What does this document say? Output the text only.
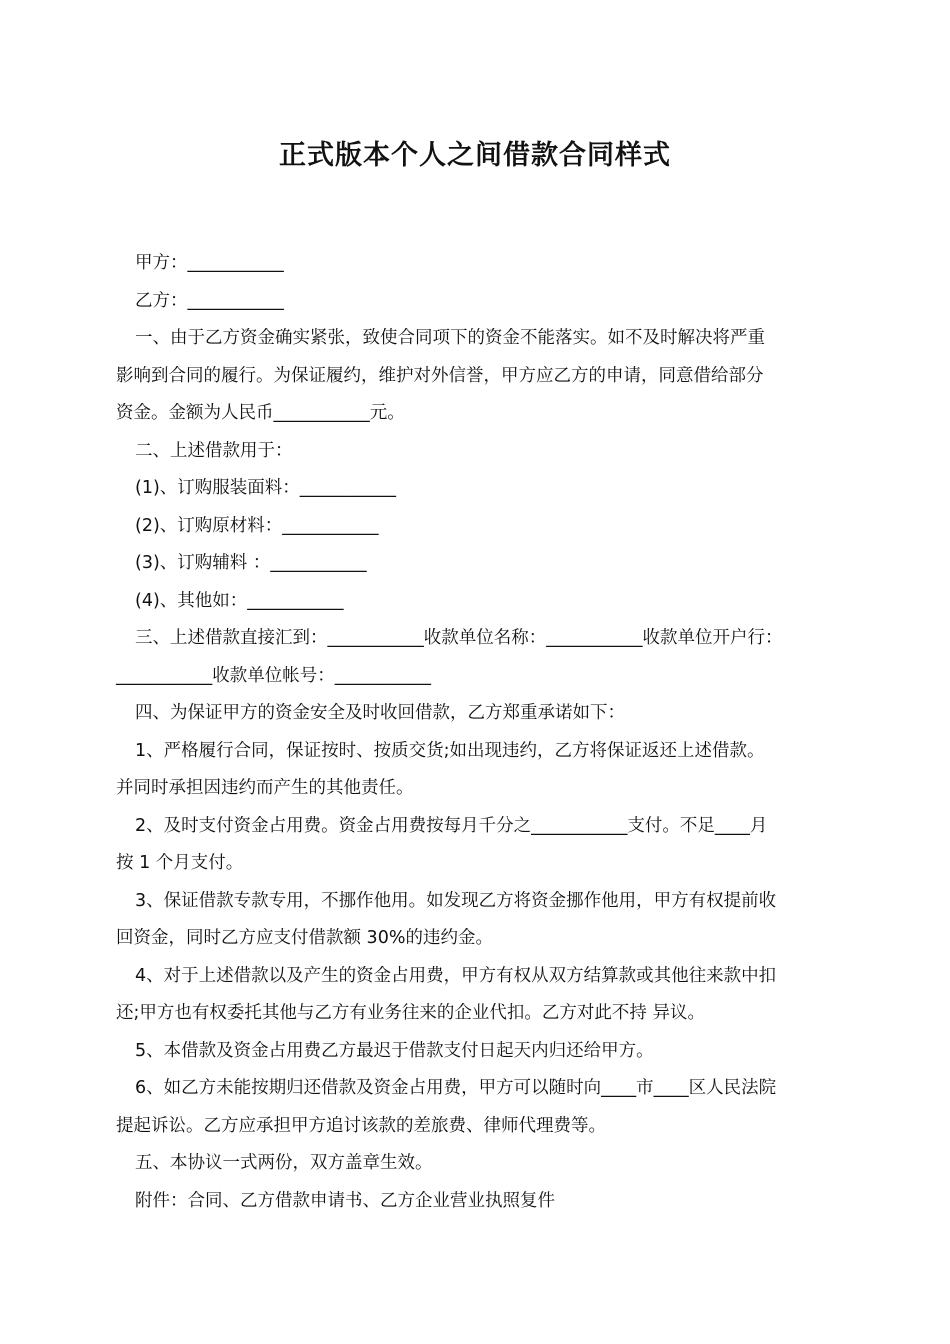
正式版本个人之间借款合同样式
甲方：___________
乙方：___________
一、由于乙方资金确实紧张，致使合同项下的资金不能落实。如不及时解决将严重
影响到合同的履行。为保证履约，维护对外信誉，甲方应乙方的申请，同意借给部分
资金。金额为人民币___________元。
二、上述借款用于：
(1)、订购服装面料：___________
(2)、订购原材料：___________
(3)、订购辅料 ：___________
(4)、其他如：___________
三、上述借款直接汇到：___________收款单位名称：___________收款单位开户行：
___________收款单位帐号：___________
四、为保证甲方的资金安全及时收回借款，乙方郑重承诺如下：
1、严格履行合同，保证按时、按质交货;如出现违约，乙方将保证返还上述借款。
并同时承担因违约而产生的其他责任。
2、及时支付资金占用费。资金占用费按每月千分之___________支付。不足____月
按 1 个月支付。
3、保证借款专款专用，不挪作他用。如发现乙方将资金挪作他用，甲方有权提前收
回资金，同时乙方应支付借款额 30%的违约金。
4、对于上述借款以及产生的资金占用费，甲方有权从双方结算款或其他往来款中扣
还;甲方也有权委托其他与乙方有业务往来的企业代扣。乙方对此不持 异议。
5、本借款及资金占用费乙方最迟于借款支付日起天内归还给甲方。
6、如乙方未能按期归还借款及资金占用费，甲方可以随时向____市____区人民法院
提起诉讼。乙方应承担甲方追讨该款的差旅费、律师代理费等。
五、本协议一式两份，双方盖章生效。
附件：合同、乙方借款申请书、乙方企业营业执照复件
